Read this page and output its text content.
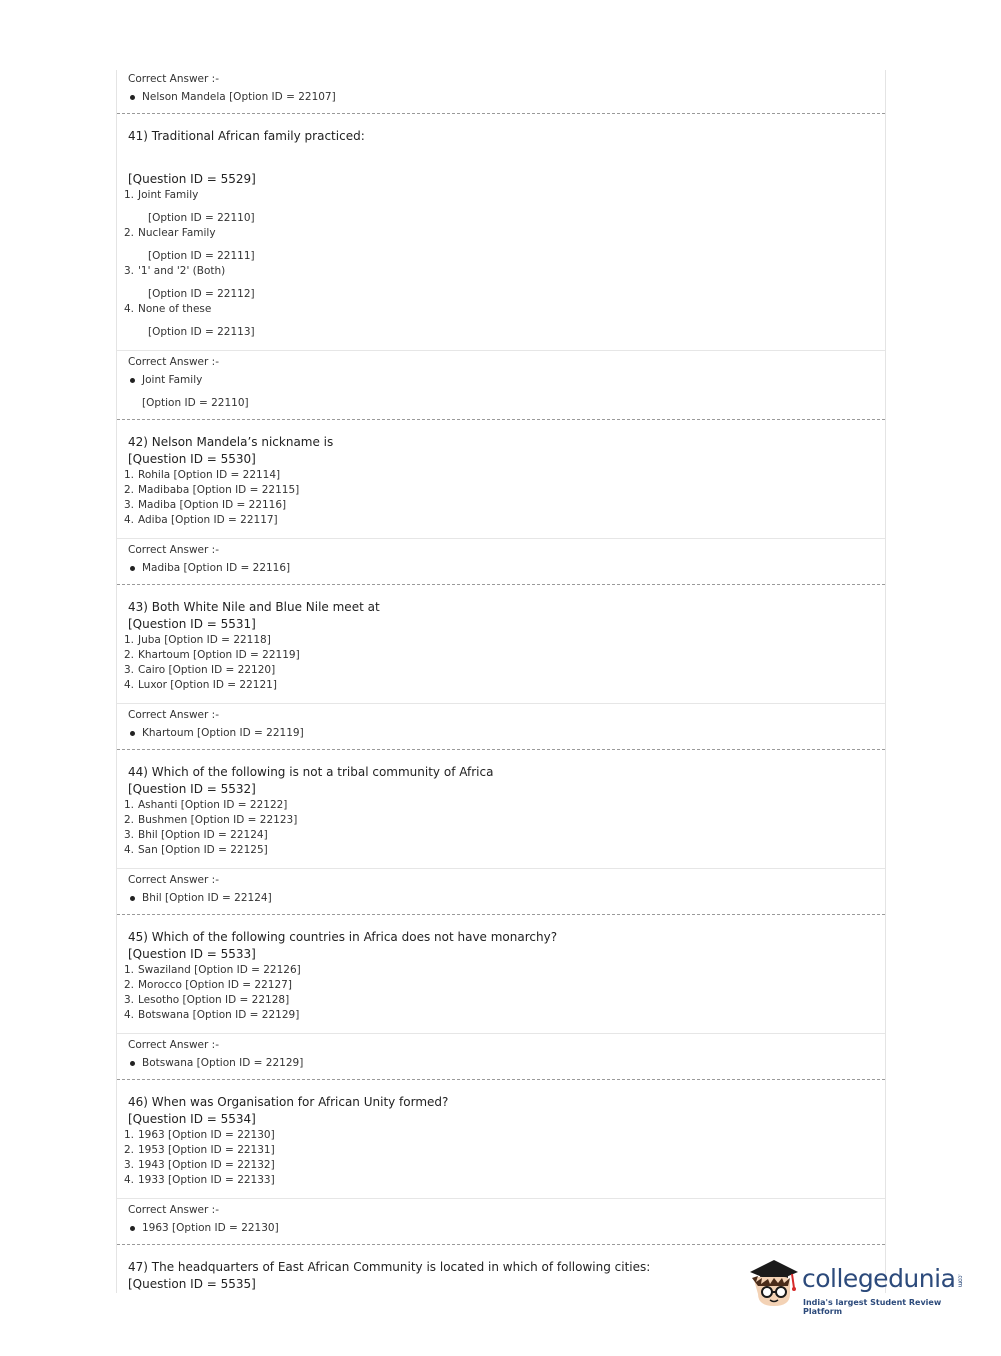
Correct Answer :-
Nelson Mandela [Option ID = 22107]
41) Traditional African family practiced:
[Question ID = 5529]
1. Joint Family
[Option ID = 22110]
2. Nuclear Family
[Option ID = 22111]
3. '1' and '2' (Both)
[Option ID = 22112]
4. None of these
[Option ID = 22113]
Correct Answer :-
Joint Family
[Option ID = 22110]
42) Nelson Mandela’s nickname is
[Question ID = 5530]
1. Rohila [Option ID = 22114]
2. Madibaba [Option ID = 22115]
3. Madiba [Option ID = 22116]
4. Adiba [Option ID = 22117]
Correct Answer :-
Madiba [Option ID = 22116]
43) Both White Nile and Blue Nile meet at
[Question ID = 5531]
1. Juba [Option ID = 22118]
2. Khartoum [Option ID = 22119]
3. Cairo [Option ID = 22120]
4. Luxor [Option ID = 22121]
Correct Answer :-
Khartoum [Option ID = 22119]
44) Which of the following is not a tribal community of Africa
[Question ID = 5532]
1. Ashanti [Option ID = 22122]
2. Bushmen [Option ID = 22123]
3. Bhil [Option ID = 22124]
4. San [Option ID = 22125]
Correct Answer :-
Bhil [Option ID = 22124]
45) Which of the following countries in Africa does not have monarchy?
[Question ID = 5533]
1. Swaziland [Option ID = 22126]
2. Morocco [Option ID = 22127]
3. Lesotho [Option ID = 22128]
4. Botswana [Option ID = 22129]
Correct Answer :-
Botswana [Option ID = 22129]
46) When was Organisation for African Unity formed?
[Question ID = 5534]
1. 1963 [Option ID = 22130]
2. 1953 [Option ID = 22131]
3. 1943 [Option ID = 22132]
4. 1933 [Option ID = 22133]
Correct Answer :-
1963 [Option ID = 22130]
47) The headquarters of East African Community is located in which of following cities:
[Question ID = 5535]	collegedunia.com
India's largest Student Review Platform
